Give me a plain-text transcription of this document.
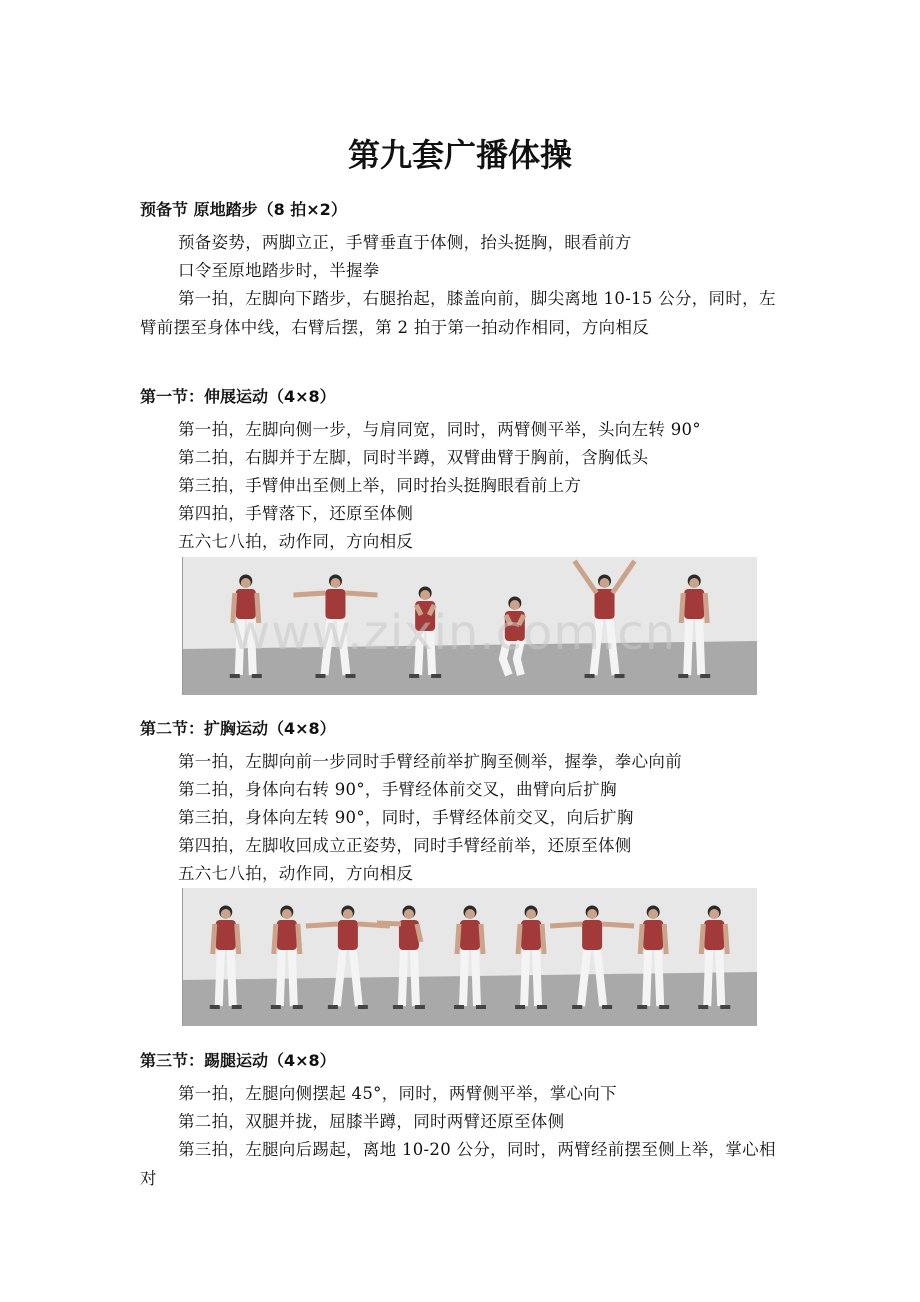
第九套广播体操
预备节 原地踏步（8 拍×2）
预备姿势，两脚立正，手臂垂直于体侧，抬头挺胸，眼看前方
口令至原地踏步时，半握拳
第一拍，左脚向下踏步，右腿抬起，膝盖向前，脚尖离地 10-15 公分，同时，左臂前摆至身体中线，右臂后摆，第 2 拍于第一拍动作相同，方向相反
第一节：伸展运动（4×8）
第一拍，左脚向侧一步，与肩同宽，同时，两臂侧平举，头向左转 90°
第二拍，右脚并于左脚，同时半蹲，双臂曲臂于胸前，含胸低头
第三拍，手臂伸出至侧上举，同时抬头挺胸眼看前上方
第四拍，手臂落下，还原至体侧
五六七八拍，动作同，方向相反
www.zixin.com.cn
第二节：扩胸运动（4×8）
第一拍，左脚向前一步同时手臂经前举扩胸至侧举，握拳，拳心向前
第二拍，身体向右转 90°，手臂经体前交叉，曲臂向后扩胸
第三拍，身体向左转 90°，同时，手臂经体前交叉，向后扩胸
第四拍，左脚收回成立正姿势，同时手臂经前举，还原至体侧
五六七八拍，动作同，方向相反
第三节：踢腿运动（4×8）
第一拍，左腿向侧摆起 45°，同时，两臂侧平举，掌心向下
第二拍，双腿并拢，屈膝半蹲，同时两臂还原至体侧
第三拍，左腿向后踢起，离地 10-20 公分，同时，两臂经前摆至侧上举，掌心相对
